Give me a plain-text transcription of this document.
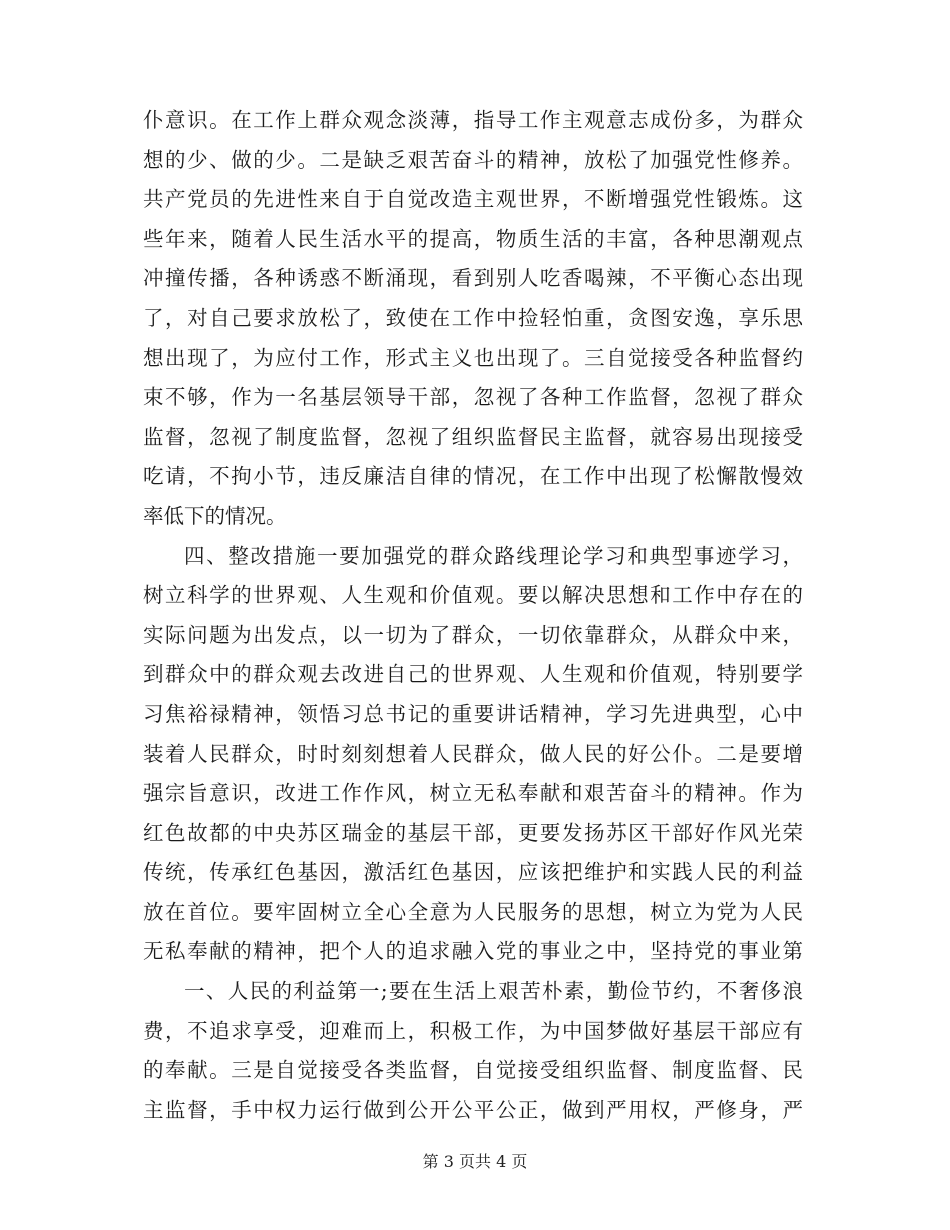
仆意识。在工作上群众观念淡薄，指导工作主观意志成份多，为群众
想的少、做的少。二是缺乏艰苦奋斗的精神，放松了加强党性修养。
共产党员的先进性来自于自觉改造主观世界，不断增强党性锻炼。这
些年来，随着人民生活水平的提高，物质生活的丰富，各种思潮观点
冲撞传播，各种诱惑不断涌现，看到别人吃香喝辣，不平衡心态出现
了，对自己要求放松了，致使在工作中捡轻怕重，贪图安逸，享乐思
想出现了，为应付工作，形式主义也出现了。三自觉接受各种监督约
束不够，作为一名基层领导干部，忽视了各种工作监督，忽视了群众
监督，忽视了制度监督，忽视了组织监督民主监督，就容易出现接受
吃请，不拘小节，违反廉洁自律的情况，在工作中出现了松懈散慢效
率低下的情况。
四、整改措施一要加强党的群众路线理论学习和典型事迹学习，
树立科学的世界观、人生观和价值观。要以解决思想和工作中存在的
实际问题为出发点，以一切为了群众，一切依靠群众，从群众中来，
到群众中的群众观去改进自己的世界观、人生观和价值观，特别要学
习焦裕禄精神，领悟习总书记的重要讲话精神，学习先进典型，心中
装着人民群众，时时刻刻想着人民群众，做人民的好公仆。二是要增
强宗旨意识，改进工作作风，树立无私奉献和艰苦奋斗的精神。作为
红色故都的中央苏区瑞金的基层干部，更要发扬苏区干部好作风光荣
传统，传承红色基因，激活红色基因，应该把维护和实践人民的利益
放在首位。要牢固树立全心全意为人民服务的思想，树立为党为人民
无私奉献的精神，把个人的追求融入党的事业之中，坚持党的事业第
一、人民的利益第一;要在生活上艰苦朴素，勤俭节约，不奢侈浪
费，不追求享受，迎难而上，积极工作，为中国梦做好基层干部应有
的奉献。三是自觉接受各类监督，自觉接受组织监督、制度监督、民
主监督，手中权力运行做到公开公平公正，做到严用权，严修身，严
第 3 页共 4 页
